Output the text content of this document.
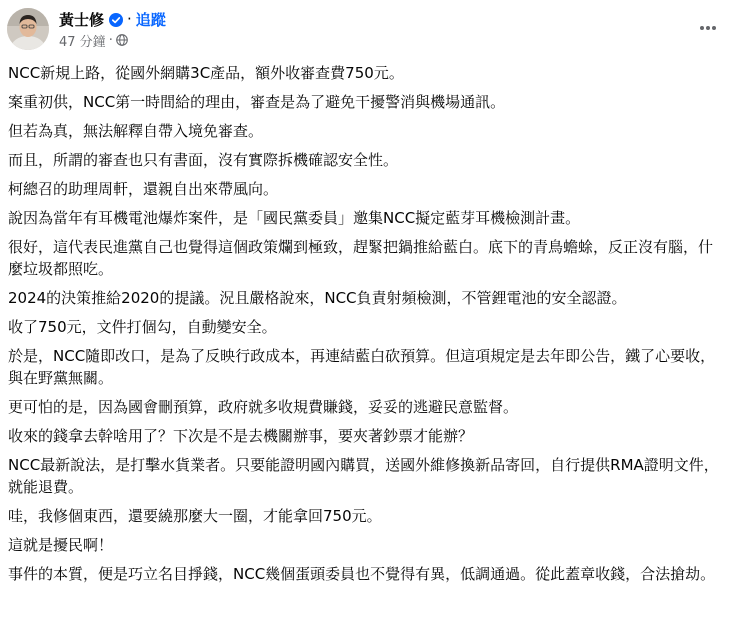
黃士修 · 追蹤
47 分鐘 ·

NCC新規上路，從國外網購3C產品，額外收審查費750元。

案重初供，NCC第一時間給的理由，審查是為了避免干擾警消與機場通訊。

但若為真，無法解釋自帶入境免審查。

而且，所謂的審查也只有書面，沒有實際拆機確認安全性。

柯總召的助理周軒，還親自出來帶風向。

說因為當年有耳機電池爆炸案件，是「國民黨委員」邀集NCC擬定藍芽耳機檢測計畫。

很好，這代表民進黨自己也覺得這個政策爛到極致，趕緊把鍋推給藍白。底下的青鳥蟾蜍，反正沒有腦，什麼垃圾都照吃。

2024的決策推給2020的提議。況且嚴格說來，NCC負責射頻檢測，不管鋰電池的安全認證。

收了750元，文件打個勾，自動變安全。

於是，NCC隨即改口，是為了反映行政成本，再連結藍白砍預算。但這項規定是去年即公告，鐵了心要收，與在野黨無關。

更可怕的是，因為國會刪預算，政府就多收規費賺錢，妥妥的逃避民意監督。

收來的錢拿去幹啥用了？下次是不是去機關辦事，要夾著鈔票才能辦？

NCC最新說法，是打擊水貨業者。只要能證明國內購買，送國外維修換新品寄回，自行提供RMA證明文件，就能退費。

哇，我修個東西，還要繞那麼大一圈，才能拿回750元。

這就是擾民啊！

事件的本質，便是巧立名目掙錢，NCC幾個蛋頭委員也不覺得有異，低調通過。從此蓋章收錢，合法搶劫。
